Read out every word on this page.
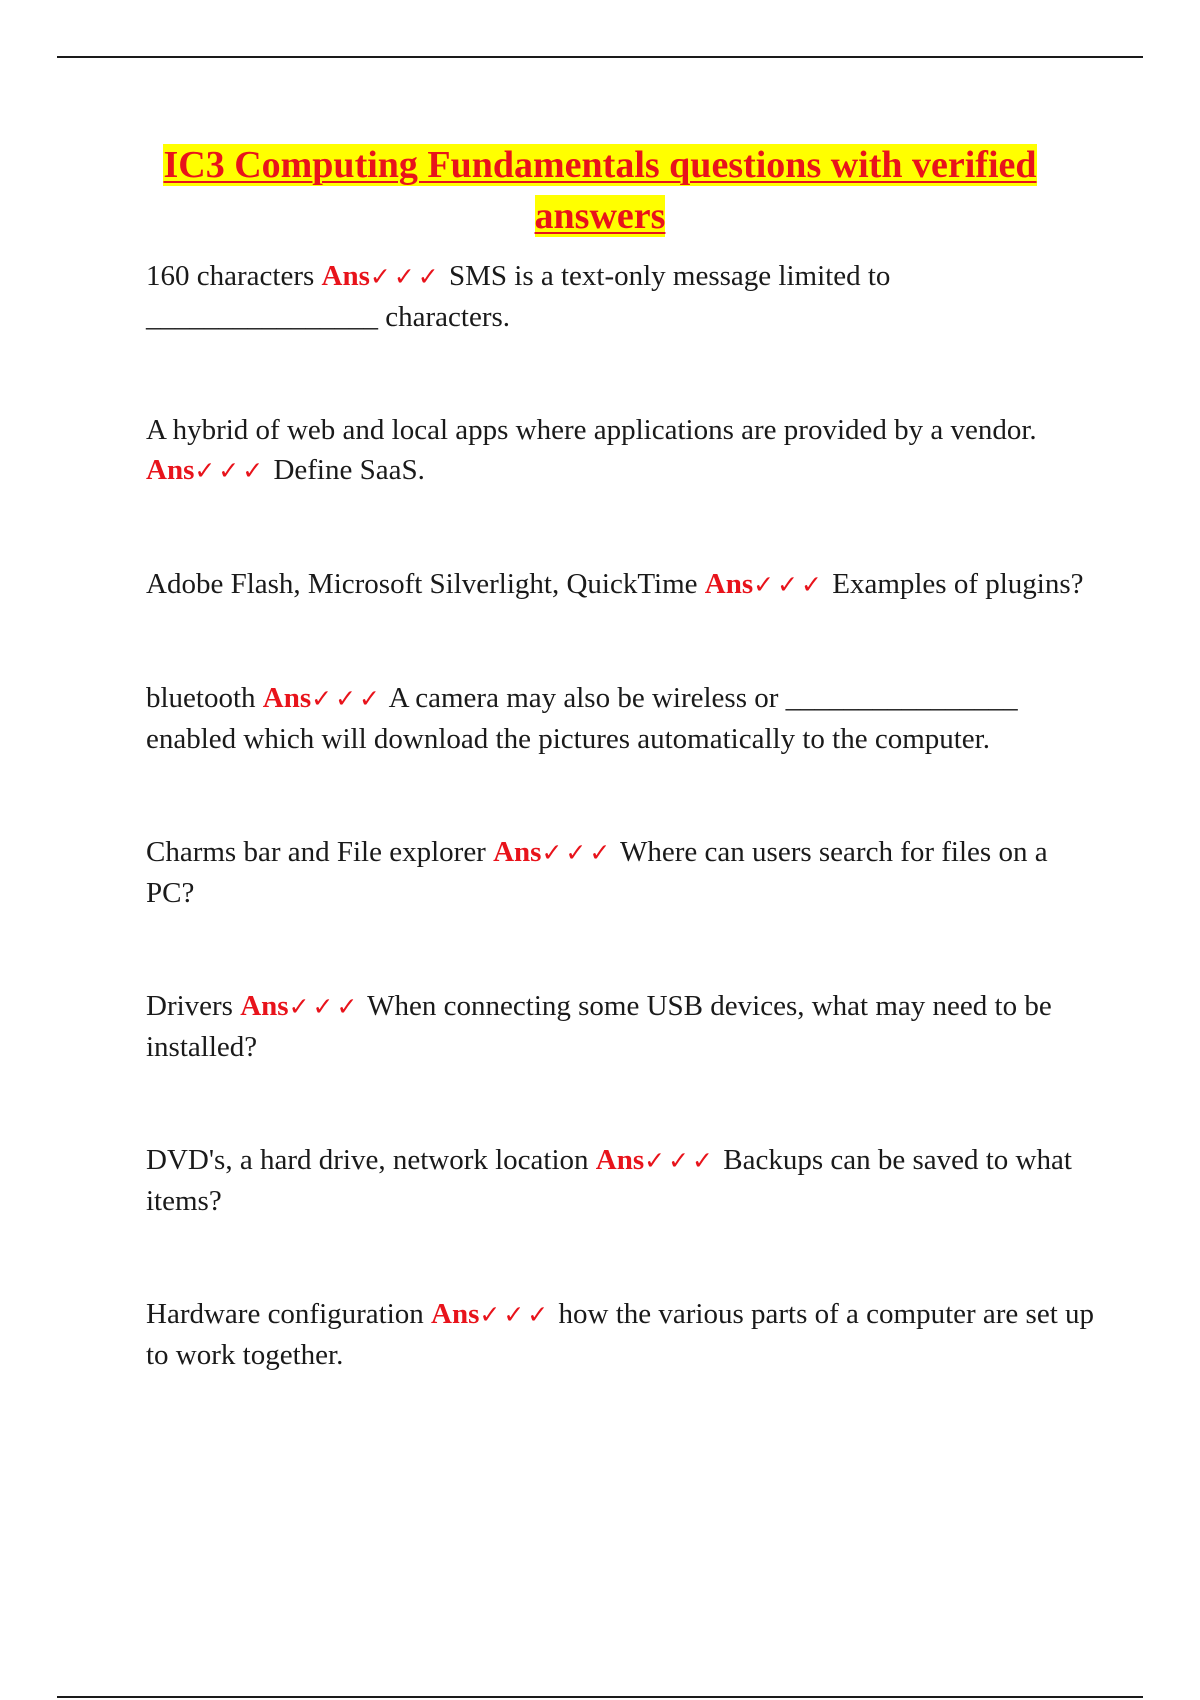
IC3 Computing Fundamentals questions with verified answers
160 characters Ans✓✓✓ SMS is a text-only message limited to ________________ characters.
A hybrid of web and local apps where applications are provided by a vendor. Ans✓✓✓ Define SaaS.
Adobe Flash, Microsoft Silverlight, QuickTime Ans✓✓✓ Examples of plugins?
bluetooth Ans✓✓✓ A camera may also be wireless or ________________ enabled which will download the pictures automatically to the computer.
Charms bar and File explorer Ans✓✓✓ Where can users search for files on a PC?
Drivers Ans✓✓✓ When connecting some USB devices, what may need to be installed?
DVD's, a hard drive, network location Ans✓✓✓ Backups can be saved to what items?
Hardware configuration Ans✓✓✓ how the various parts of a computer are set up to work together.
